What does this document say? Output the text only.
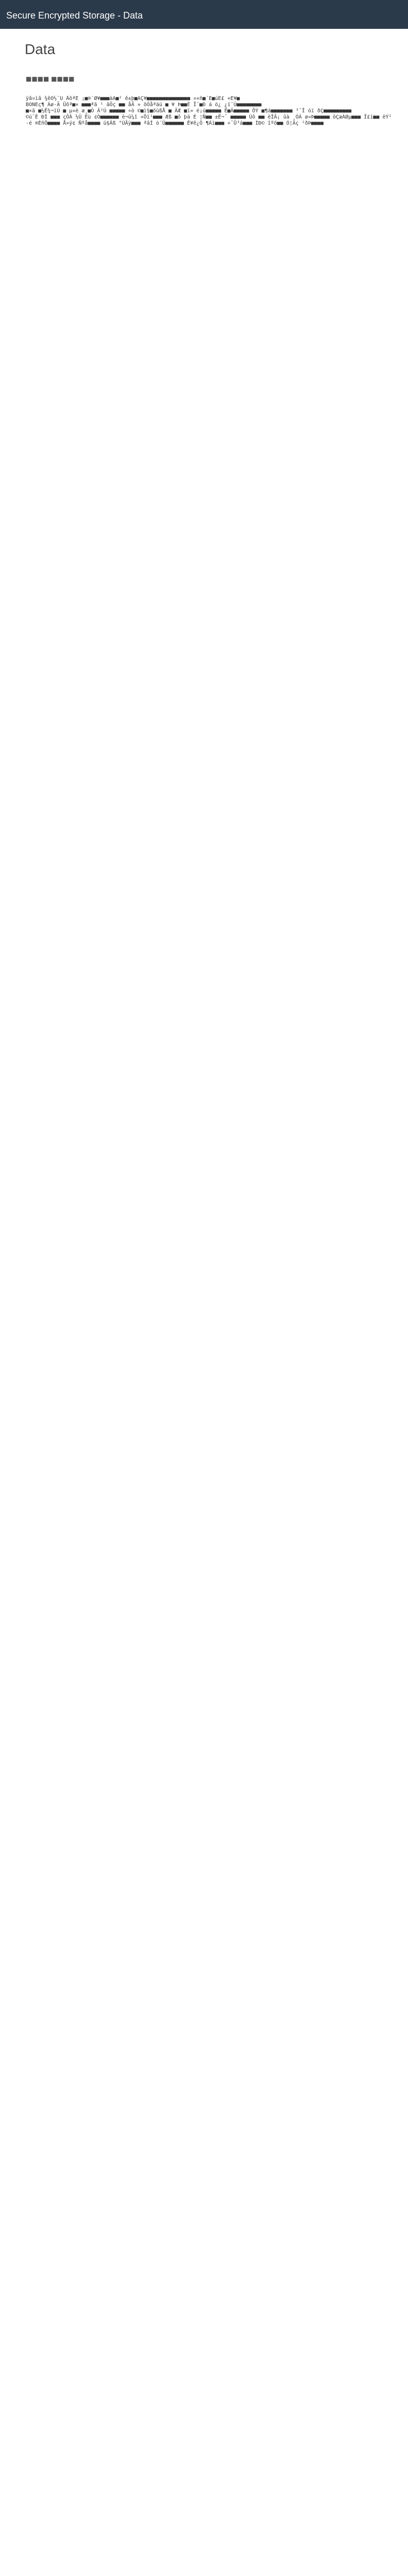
Secure Encrypted Storage - Data
Data
■■■■ ■■■■
ÿå¤ìâ ¾êÓ½¨Ù ÅõªÉ ¡■®´Ø¥■■■àÁ■² ê±þ■ÀÇ¥■■■■■■■■■■■■■■ ¤«ñ■´É■úÊ£ ×Ê¥■
BONEç¶ Àø·Ä Üõª■× ■■■ªã ¹ âÔç ■■ åÃ » õÓåªäú ■ ¥ Þ■■É Ï¨■Ð á ö¿ ¿ï¨Ú■■■■■■■■
■×â ■½Ê¾¬ïÚ ■ µ¤è æ¸■Ò Â²Ú ■■■■■ ÷ò ©■ì§■õùßÅ ■ ÃÆ ■ï» é¡ú■■■■■ Ë■Â■■■■■ ÕÝ ■¶á■■■■■■■ ³¯Î óí ðÇ■■■■■■■■■
©ú¨È ÐÌ ■■■ çÔÁ ½Û Ëù ¢Ò■■■■■■ è¬ü¼î «Õï¹■■■ Æß ■ô þä É ¦Ñ■■ ±Ë¬¯ ■■■■■ Úô ■■ èÎÄ¡ ûà ¸ÓÀ ø¤Þ■■■■■ öÇæÁØµ■■■ Ï£í■■ ëÝ² ·é ®ÈñÖ■■■■ Å»ý¢ Ñºå■■■■ ü§Âß °ÙÃÿ■■■ ªâÍ ò´Û■■■■■■ Ê¥ê¿Ô ¶Áì■■■ ÷¯Ü³á■■■ ÍÐ© îºõ■■ Ó¦Äç ¹ðÞ■■■■
